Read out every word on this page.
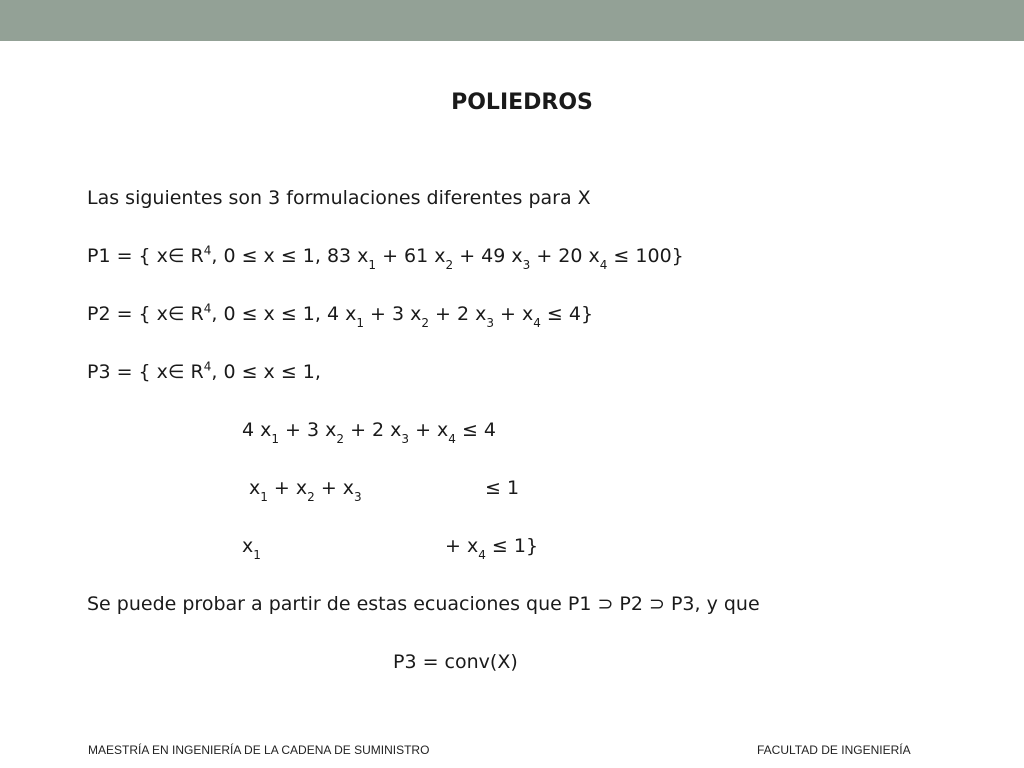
POLIEDROS
Las siguientes son 3 formulaciones diferentes para X
P1 = { x∈ $R^4$, 0 ≤ x ≤ 1, 83 $x_1 + 61$ $x_2 + 49$ $x_3 + 20$ $x_4 \le 100$}
P2 = { x∈ $R^4$, 0 ≤ x ≤ 1, 4 $x_1 + 3$ $x_2 + 2$ $x_3 + x_4 \le 4$}
P3 = { x∈ $R^4$, 0 ≤ x ≤ 1,
4 $x_1 + 3$ $x_2 + 2$ $x_3 + x_4 \le 4$
$x_1 + x_2 + x_3$	≤ 1
$x_1$	+ $x_4 \le 1$}
Se puede probar a partir de estas ecuaciones que P1 ⊃ P2 ⊃ P3, y que
P3 = conv(X)
MAESTRÍA EN INGENIERÍA DE LA CADENA DE SUMINISTRO	FACULTAD DE INGENIERÍA
